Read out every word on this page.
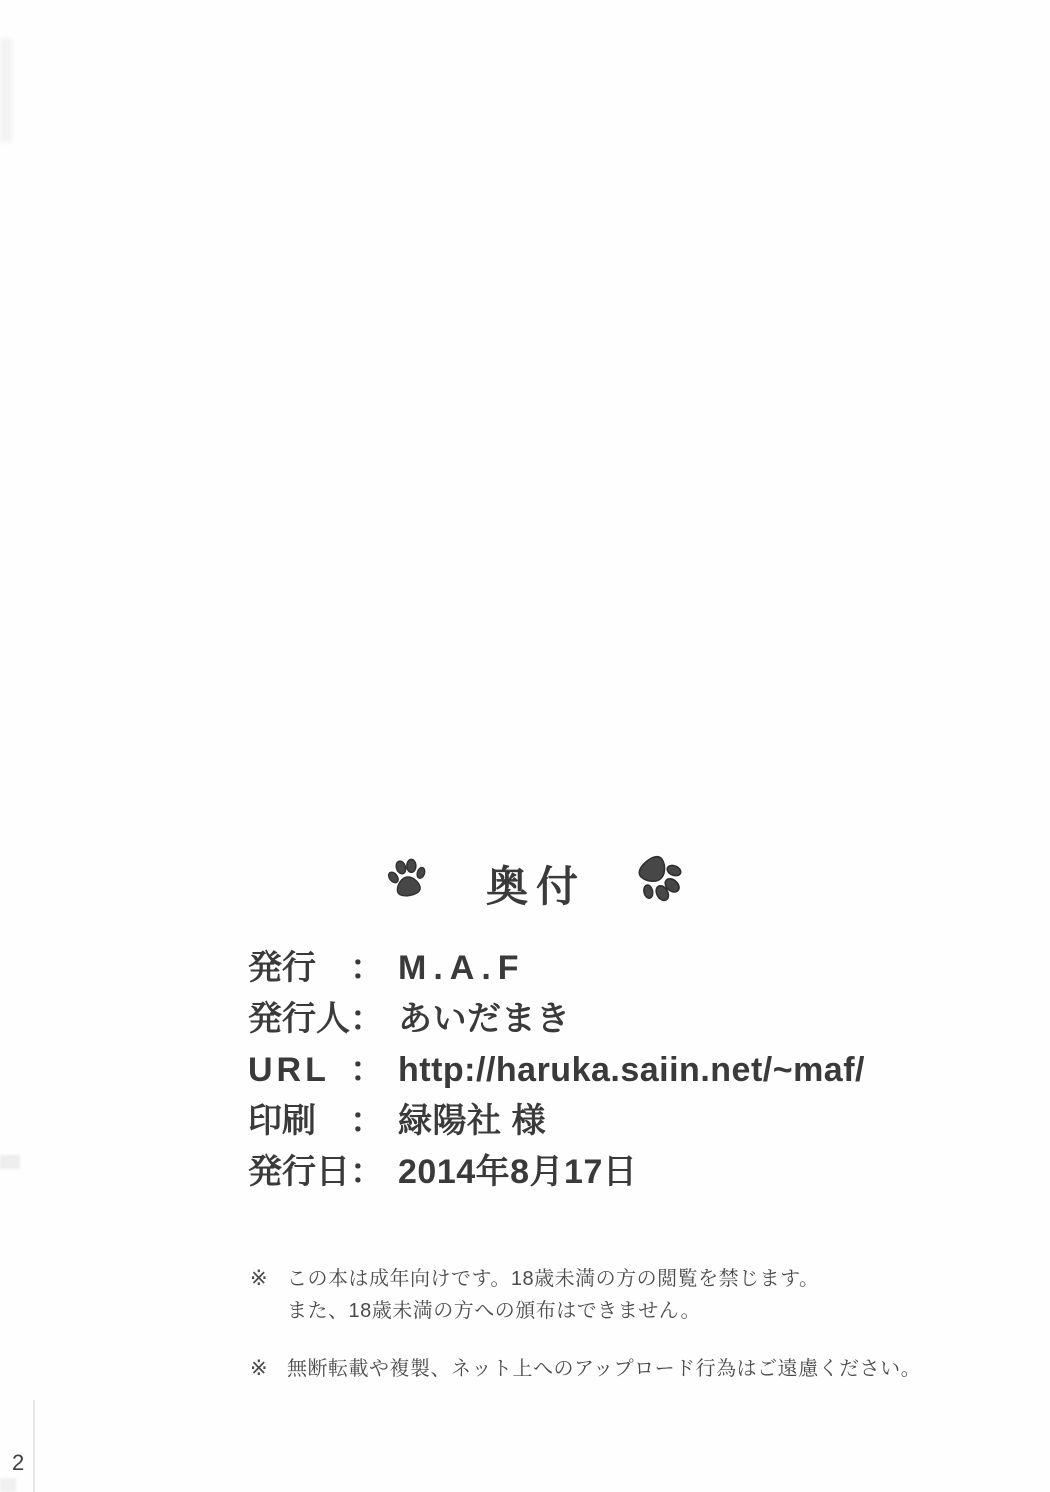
奥付
発行	： M.A.F
発行人 ： あいだまき
URL ： http://haruka.saiin.net/~maf/
印刷	： 緑陽社 様
発行日 ： 2014年8月17日
※ この本は成年向けです。18歳未満の方の閲覧を禁じます。
また、18歳未満の方への頒布はできません。
※ 無断転載や複製、ネット上へのアップロード行為はご遠慮ください。
2
